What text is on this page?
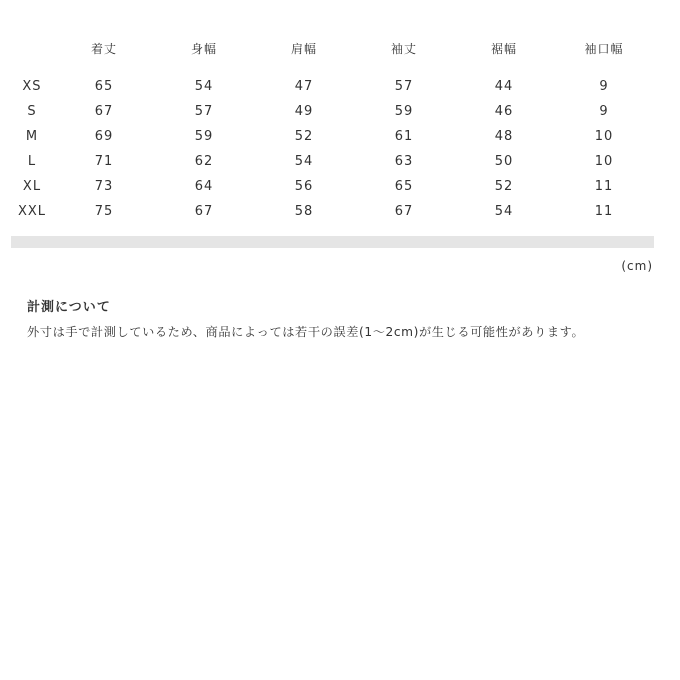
	着丈	身幅	肩幅	袖丈	裾幅	袖口幅

XS	65	54	47	57	44	9
S	67	57	49	59	46	9
M	69	59	52	61	48	10
L	71	62	54	63	50	10
XL	73	64	56	65	52	11
XXL	75	67	58	67	54	11
(cm)
計測について
外寸は手で計測しているため、商品によっては若干の誤差(1〜2cm)が生じる可能性があります。
